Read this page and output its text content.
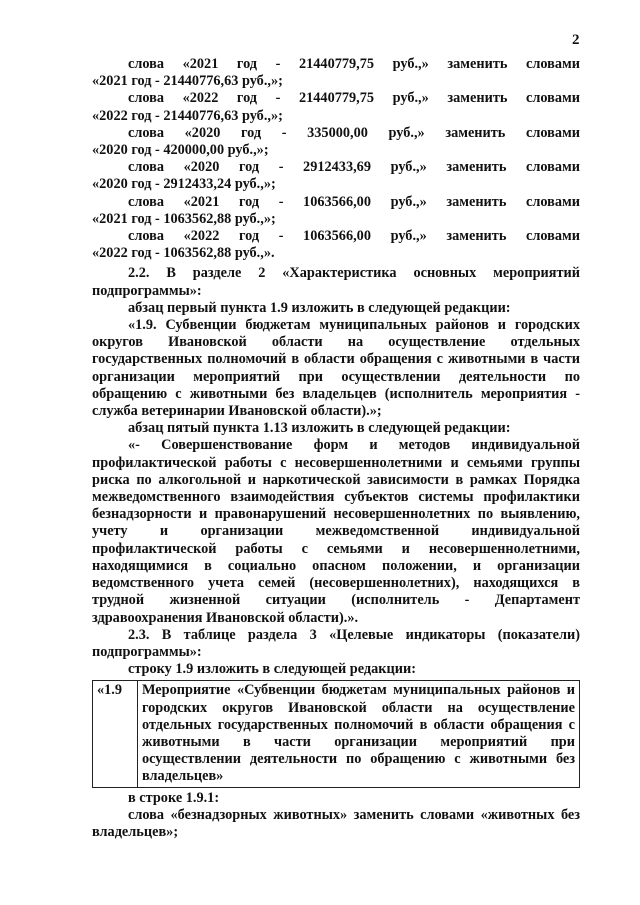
2
слова «2021 год - 21440779,75 руб.,» заменить словами
«2021 год - 21440776,63 руб.,»;
слова «2022 год - 21440779,75 руб.,» заменить словами
«2022 год - 21440776,63 руб.,»;
слова «2020 год - 335000,00 руб.,» заменить словами
«2020 год - 420000,00 руб.,»;
слова «2020 год - 2912433,69 руб.,» заменить словами
«2020 год - 2912433,24 руб.,»;
слова «2021 год - 1063566,00 руб.,» заменить словами
«2021 год - 1063562,88 руб.,»;
слова «2022 год - 1063566,00 руб.,» заменить словами
«2022 год - 1063562,88 руб.,».
2.2. В разделе 2 «Характеристика основных мероприятий подпрограммы»:
абзац первый пункта 1.9 изложить в следующей редакции:
«1.9. Субвенции бюджетам муниципальных районов и городских округов Ивановской области на осуществление отдельных государственных полномочий в области обращения с животными в части организации мероприятий при осуществлении деятельности по обращению с животными без владельцев (исполнитель мероприятия - служба ветеринарии Ивановской области).»;
абзац пятый пункта 1.13 изложить в следующей редакции:
«- Совершенствование форм и методов индивидуальной профилактической работы с несовершеннолетними и семьями группы риска по алкогольной и наркотической зависимости в рамках Порядка межведомственного взаимодействия субъектов системы профилактики безнадзорности и правонарушений несовершеннолетних по выявлению, учету и организации межведомственной индивидуальной профилактической работы с семьями и несовершеннолетними, находящимися в социально опасном положении, и организации ведомственного учета семей (несовершеннолетних), находящихся в трудной жизненной ситуации (исполнитель - Департамент здравоохранения Ивановской области).».
2.3. В таблице раздела 3 «Целевые индикаторы (показатели) подпрограммы»:
строку 1.9 изложить в следующей редакции:
«1.9	Мероприятие «Субвенции бюджетам муниципальных районов и городских округов Ивановской области на осуществление отдельных государственных полномочий в области обращения с животными в части организации мероприятий при осуществлении деятельности по обращению с животными без владельцев»
в строке 1.9.1:
слова «безнадзорных животных» заменить словами «животных без владельцев»;
